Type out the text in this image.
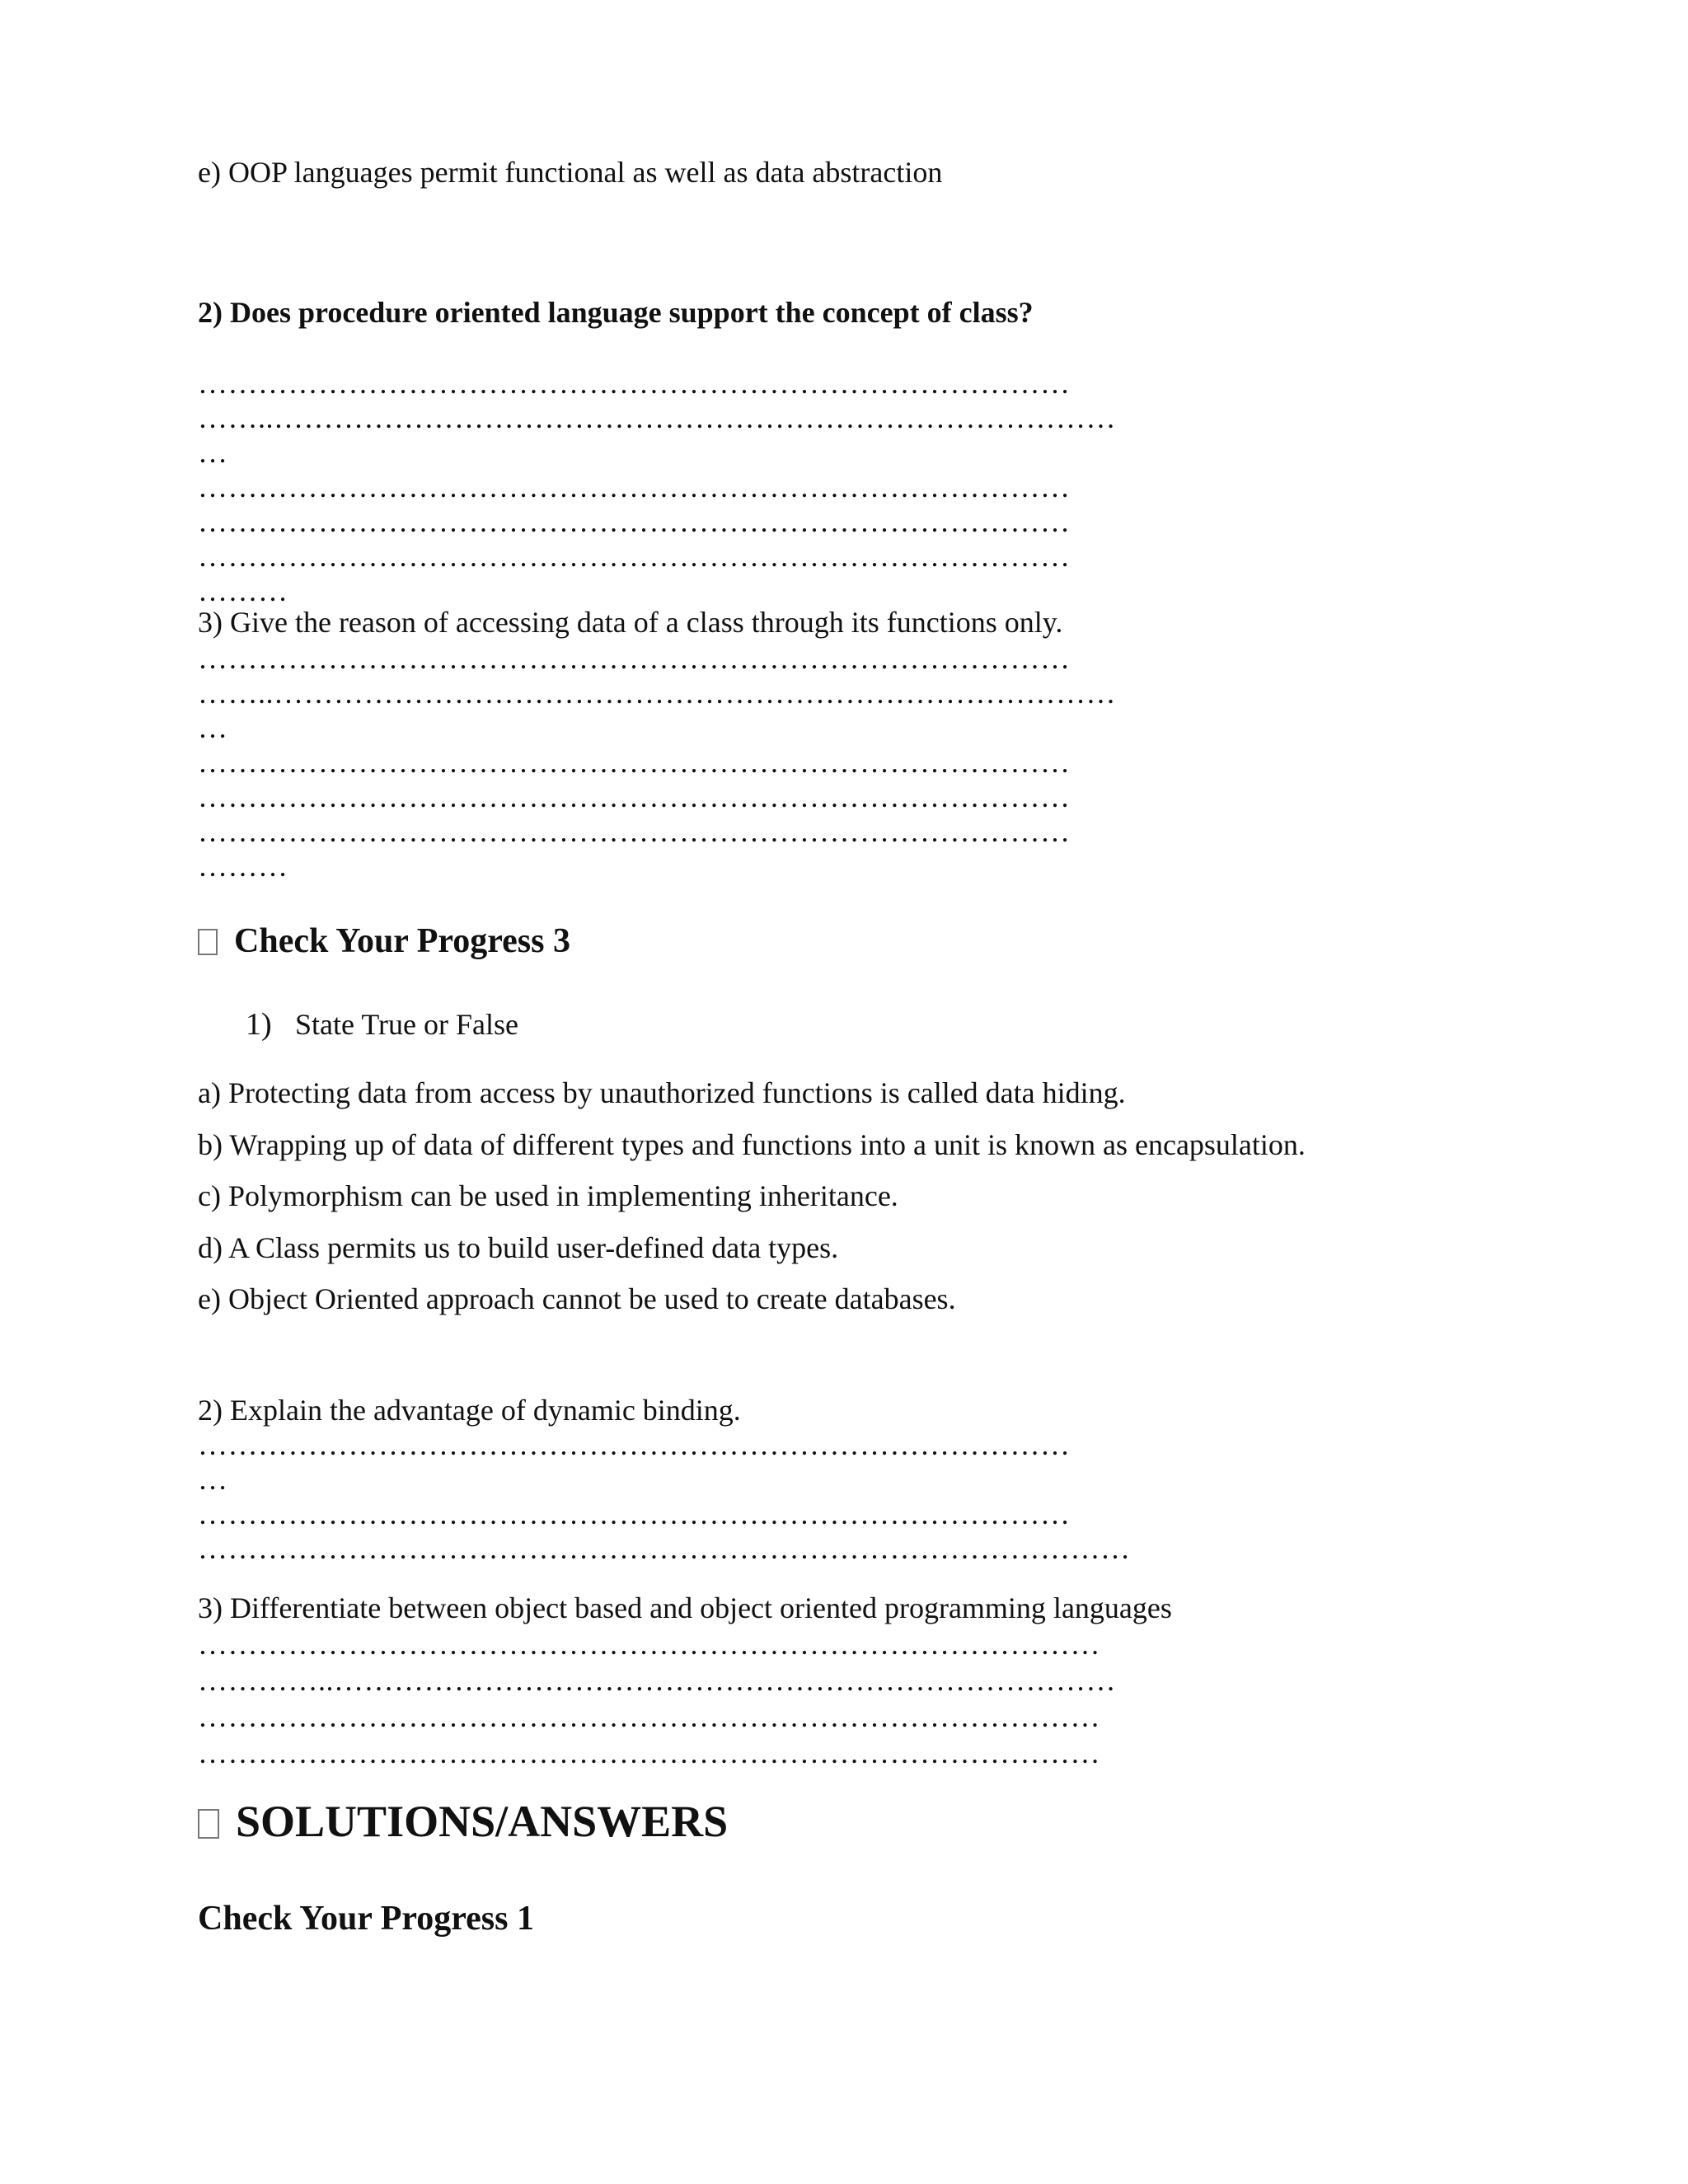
e) OOP languages permit functional as well as data abstraction
2) Does procedure oriented language support the concept of class?
……………………………………………………………………………
……..…………………………………………………………………………
…
……………………………………………………………………………
……………………………………………………………………………
……………………………………………………………………………
………
3) Give the reason of accessing data of a class through its functions only.
……………………………………………………………………………
……..…………………………………………………………………………
…
……………………………………………………………………………
……………………………………………………………………………
……………………………………………………………………………
………
Check Your Progress 3
1) State True or False
a) Protecting data from access by unauthorized functions is called data hiding.
b) Wrapping up of data of different types and functions into a unit is known as encapsulation.
c) Polymorphism can be used in implementing inheritance.
d) A Class permits us to build user-defined data types.
e) Object Oriented approach cannot be used to create databases.
2) Explain the advantage of dynamic binding.
……………………………………………………………………………
…
……………………………………………………………………………
…………………………………………………………………………………
3) Differentiate between object based and object oriented programming languages
………………………………………………………………………………
…………..……………………………………………………………………
………………………………………………………………………………
………………………………………………………………………………
SOLUTIONS/ANSWERS
Check Your Progress 1
